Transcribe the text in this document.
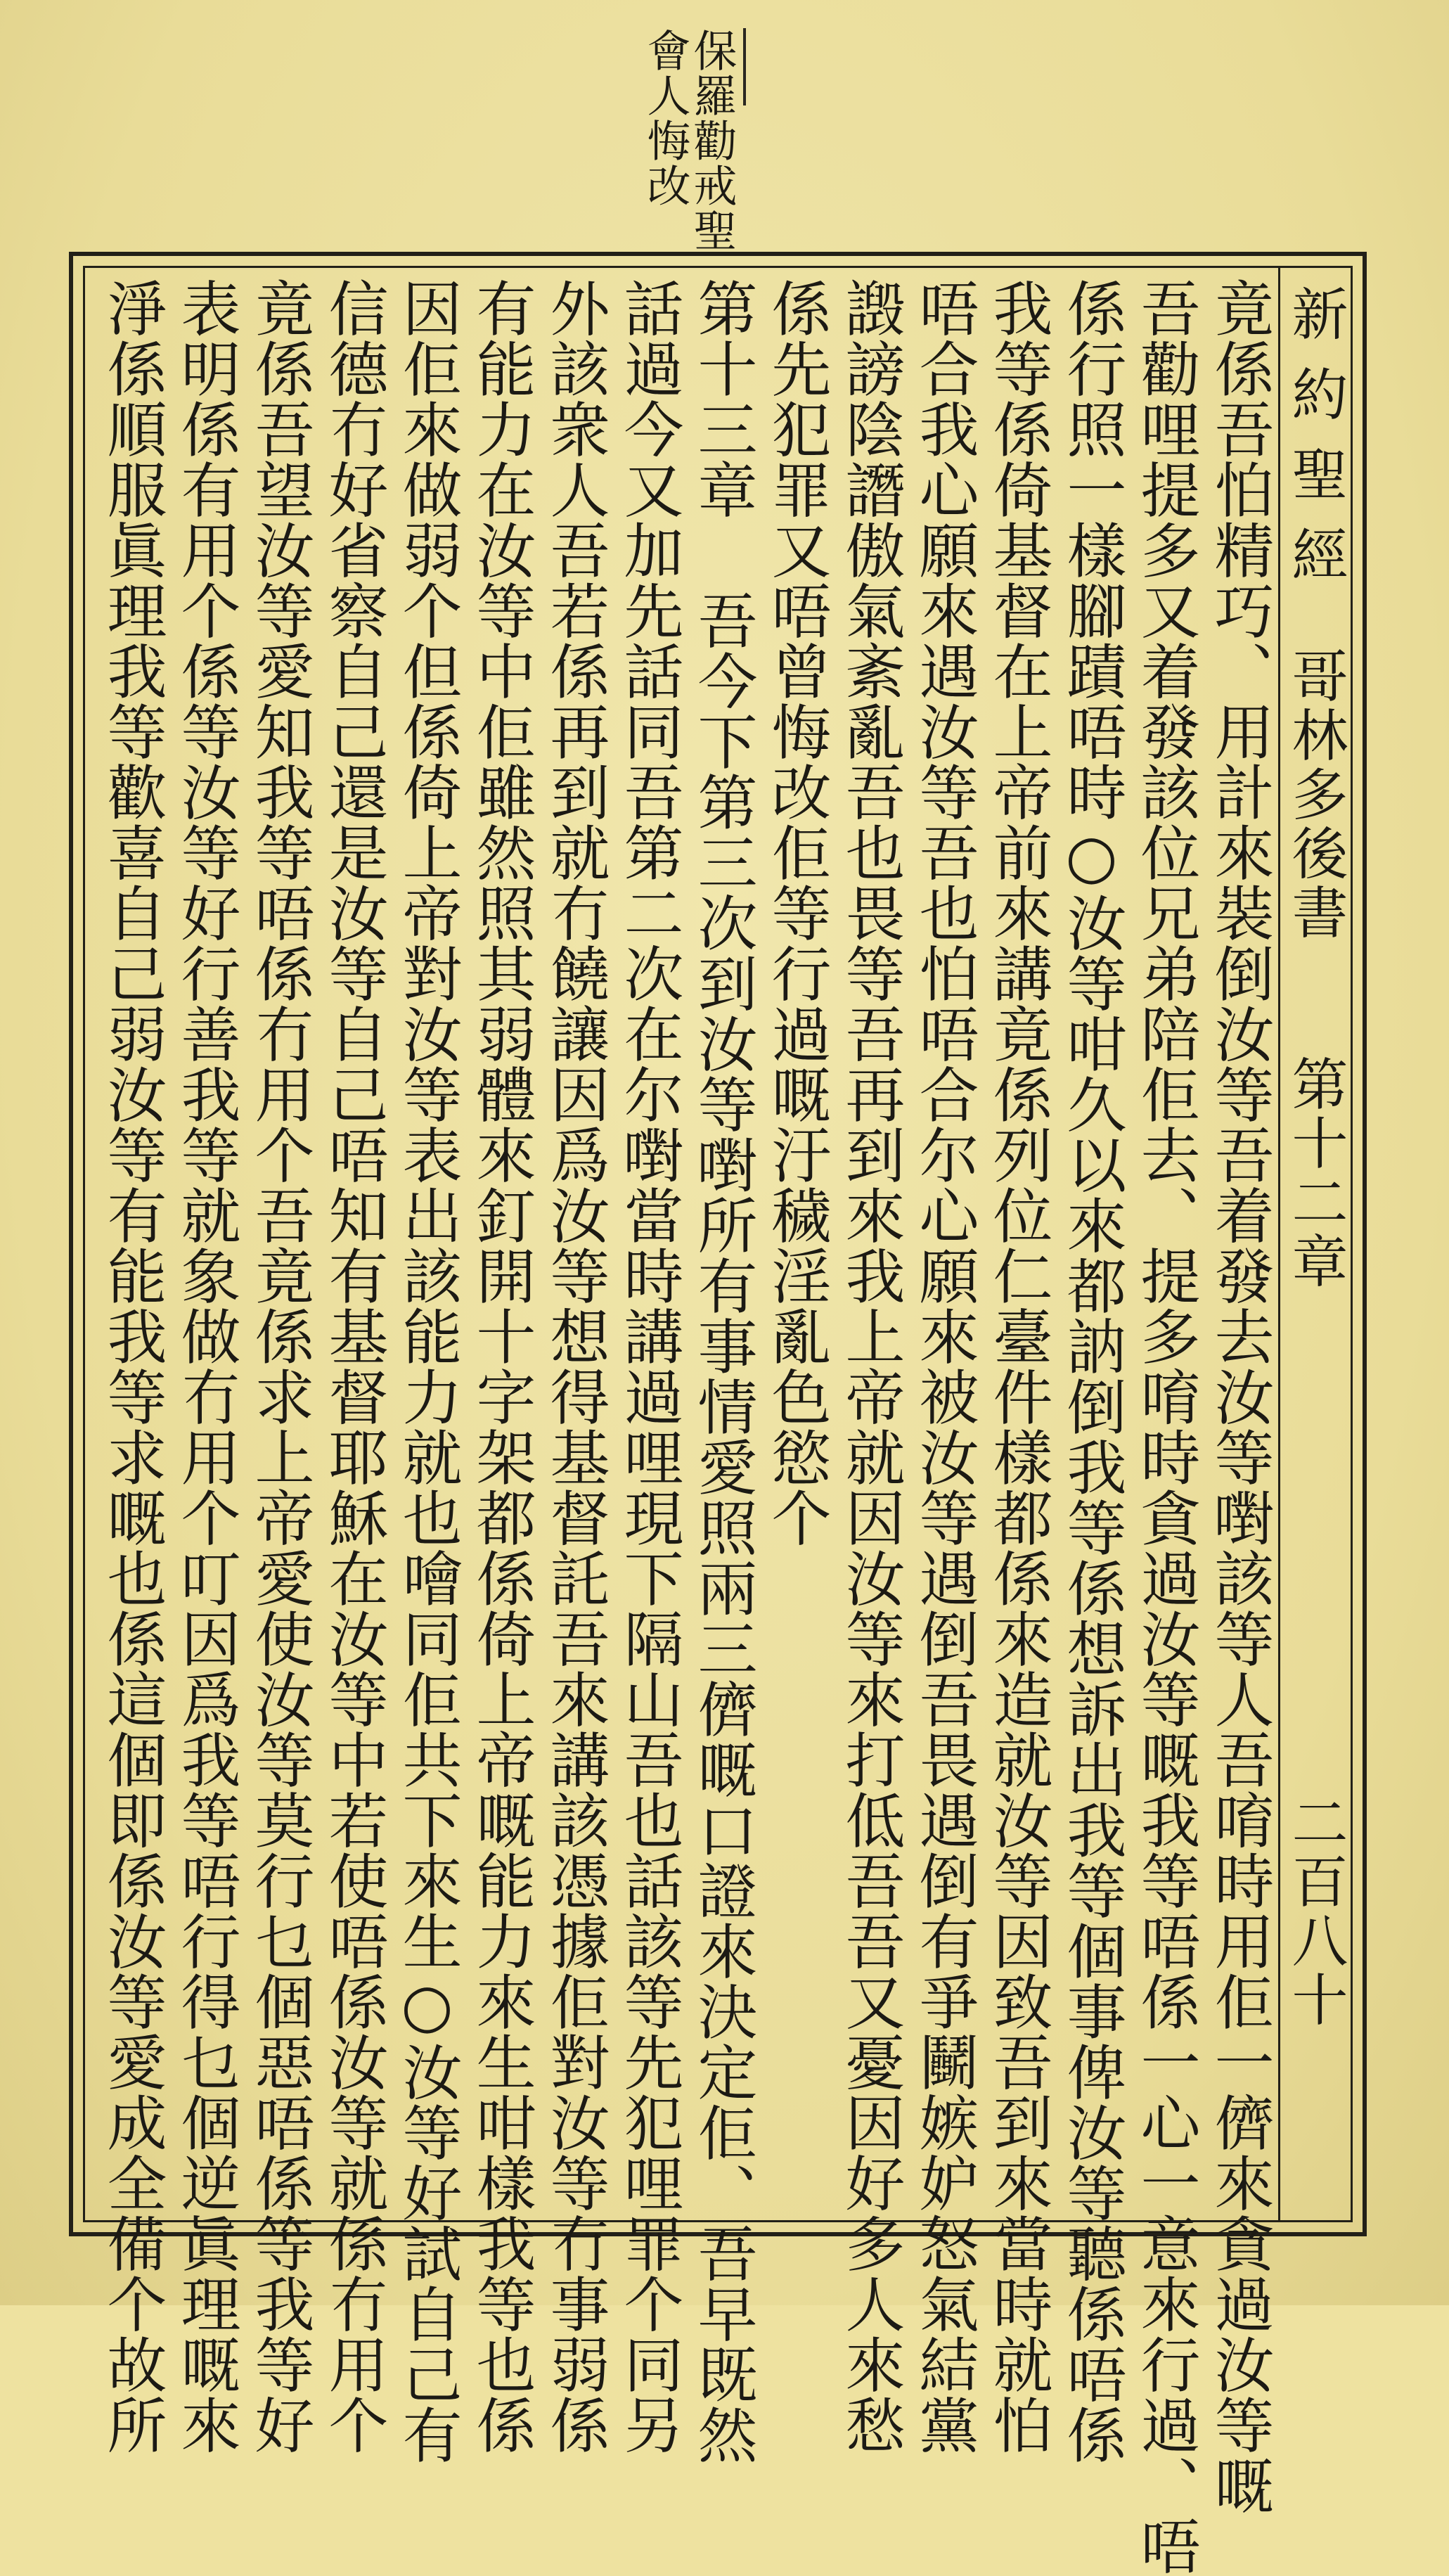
保羅勸戒聖
會人悔改
新約聖經
哥林多後書
第十二章
二百八十
竟係吾怕精巧、用計來裝倒汝等吾着發去汝等嚉該等人吾唷時用佢一儕來貪過汝等嘅
吾勸哩提多又着發該位兄弟陪佢去、提多唷時貪過汝等嘅我等唔係一心一意來行過、唔
係行照一樣腳蹟唔時○汝等咁久以來都訥倒我等係想訴出我等個事俾汝等聽係唔係
我等係倚基督在上帝前來講竟係列位仁臺件樣都係來造就汝等因致吾到來當時就怕
唔合我心願來遇汝等吾也怕唔合尔心願來被汝等遇倒吾畏遇倒有爭鬭嫉妒怒氣結黨
譭謗陰譖傲氣紊亂吾也畏等吾再到來我上帝就因汝等來打低吾吾又憂因好多人來愁
係先犯罪又唔曾悔改佢等行過嘅汙穢淫亂色慾个
第十三章 吾今下第三次到汝等嚉所有事情愛照兩三儕嘅口證來決定佢、吾早既然
話過今又加先話同吾第二次在尔嚉當時講過哩現下隔山吾也話該等先犯哩罪个同另
外該衆人吾若係再到就冇饒讓因爲汝等想得基督託吾來講該憑據佢對汝等冇事弱係
有能力在汝等中佢雖然照其弱體來釘開十字架都係倚上帝嘅能力來生咁樣我等也係
因佢來做弱个但係倚上帝對汝等表出該能力就也噲同佢共下來生○汝等好試自己有
信德冇好省察自己還是汝等自己唔知有基督耶穌在汝等中若使唔係汝等就係冇用个
竟係吾望汝等愛知我等唔係冇用个吾竟係求上帝愛使汝等莫行乜個惡唔係等我等好
表明係有用个係等汝等好行善我等就象做冇用个叮因爲我等唔行得乜個逆眞理嘅來
淨係順服眞理我等歡喜自己弱汝等有能我等求嘅也係這個即係汝等愛成全備个故所
